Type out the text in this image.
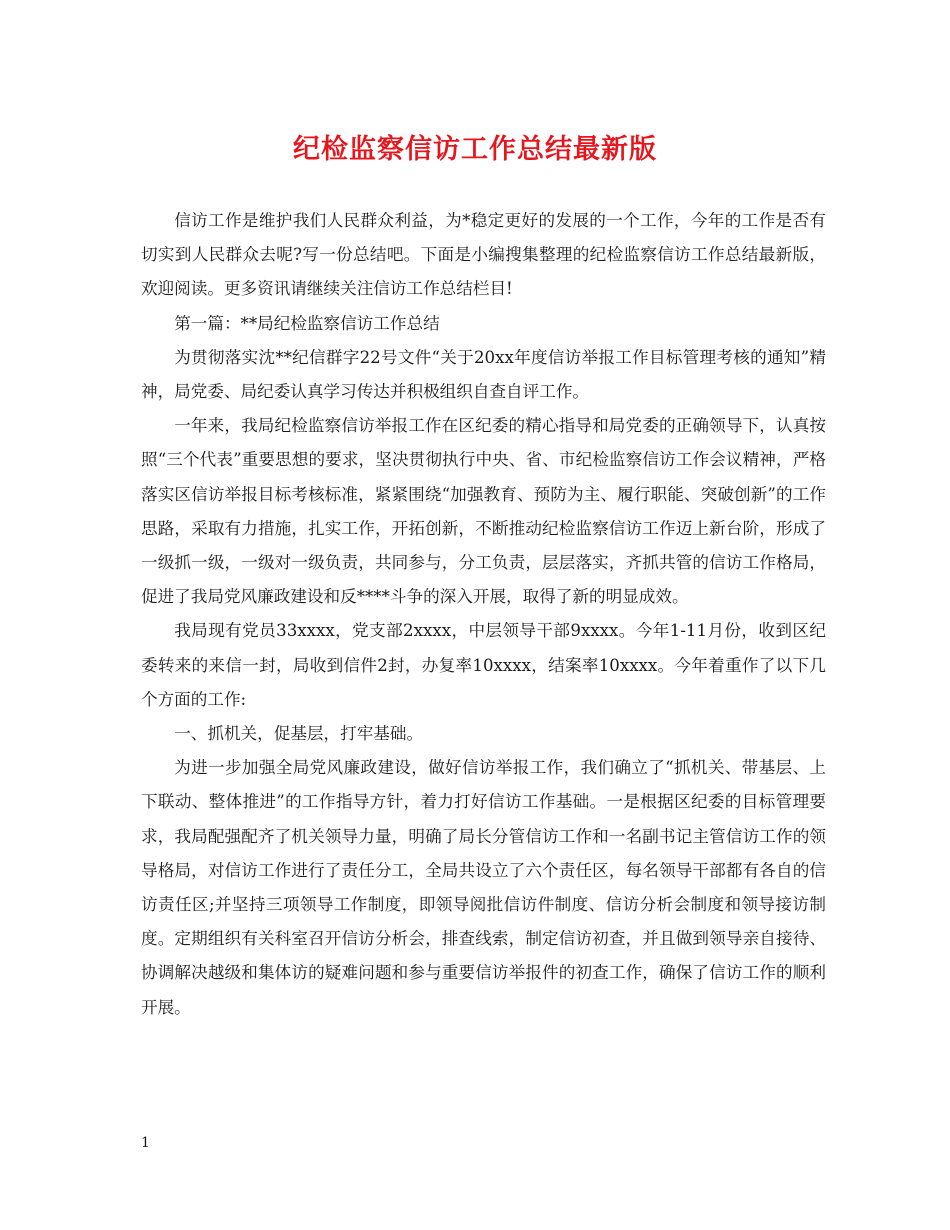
纪检监察信访工作总结最新版

信访工作是维护我们人民群众利益，为*稳定更好的发展的一个工作，今年的工作是否有切实到人民群众去呢?写一份总结吧。下面是小编搜集整理的纪检监察信访工作总结最新版，欢迎阅读。更多资讯请继续关注信访工作总结栏目!

第一篇：**局纪检监察信访工作总结

为贯彻落实沈**纪信群字22号文件“关于20xx年度信访举报工作目标管理考核的通知”精神，局党委、局纪委认真学习传达并积极组织自查自评工作。

一年来，我局纪检监察信访举报工作在区纪委的精心指导和局党委的正确领导下，认真按照“三个代表”重要思想的要求，坚决贯彻执行中央、省、市纪检监察信访工作会议精神，严格落实区信访举报目标考核标准，紧紧围绕“加强教育、预防为主、履行职能、突破创新”的工作思路，采取有力措施，扎实工作，开拓创新，不断推动纪检监察信访工作迈上新台阶，形成了一级抓一级，一级对一级负责，共同参与，分工负责，层层落实，齐抓共管的信访工作格局，促进了我局党风廉政建设和反****斗争的深入开展，取得了新的明显成效。

我局现有党员33xxxx，党支部2xxxx，中层领导干部9xxxx。今年1-11月份，收到区纪委转来的来信一封，局收到信件2封，办复率10xxxx，结案率10xxxx。今年着重作了以下几个方面的工作:

一、抓机关，促基层，打牢基础。

为进一步加强全局党风廉政建设，做好信访举报工作，我们确立了“抓机关、带基层、上下联动、整体推进”的工作指导方针，着力打好信访工作基础。一是根据区纪委的目标管理要求，我局配强配齐了机关领导力量，明确了局长分管信访工作和一名副书记主管信访工作的领导格局，对信访工作进行了责任分工，全局共设立了六个责任区，每名领导干部都有各自的信访责任区;并坚持三项领导工作制度，即领导阅批信访件制度、信访分析会制度和领导接访制度。定期组织有关科室召开信访分析会，排查线索，制定信访初查，并且做到领导亲自接待、协调解决越级和集体访的疑难问题和参与重要信访举报件的初查工作，确保了信访工作的顺利开展。

1
